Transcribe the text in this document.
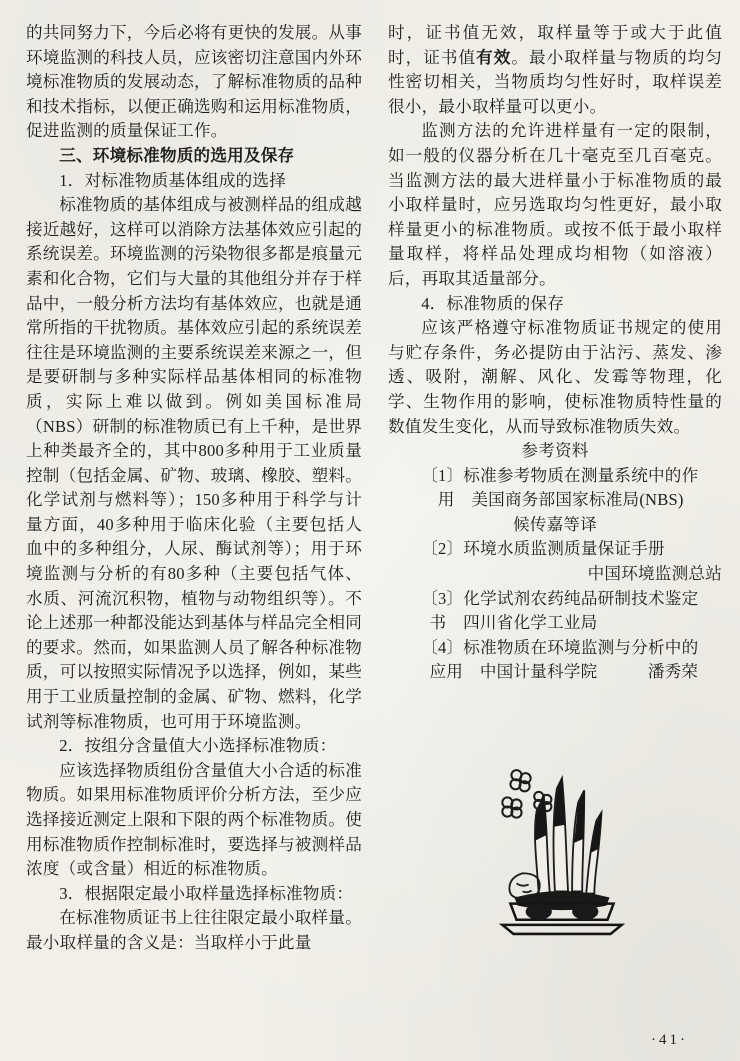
的共同努力下，今后必将有更快的发展。从事环境监测的科技人员，应该密切注意国内外环境标准物质的发展动态，了解标准物质的品种和技术指标，以便正确选购和运用标准物质，促进监测的质量保证工作。

三、环境标准物质的选用及保存

1．对标准物质基体组成的选择

标准物质的基体组成与被测样品的组成越接近越好，这样可以消除方法基体效应引起的系统误差。环境监测的污染物很多都是痕量元素和化合物，它们与大量的其他组分并存于样品中，一般分析方法均有基体效应，也就是通常所指的干扰物质。基体效应引起的系统误差往往是环境监测的主要系统误差来源之一，但是要研制与多种实际样品基体相同的标准物质，实际上难以做到。例如美国标准局（NBS）研制的标准物质已有上千种，是世界上种类最齐全的，其中800多种用于工业质量控制（包括金属、矿物、玻璃、橡胶、塑料。化学试剂与燃料等）；150多种用于科学与计量方面，40多种用于临床化验（主要包括人血中的多种组分，人尿、酶试剂等）；用于环境监测与分析的有80多种（主要包括气体、水质、河流沉积物，植物与动物组织等）。不论上述那一种都没能达到基体与样品完全相同的要求。然而，如果监测人员了解各种标准物质，可以按照实际情况予以选择，例如，某些用于工业质量控制的金属、矿物、燃料，化学试剂等标准物质，也可用于环境监测。

2．按组分含量值大小选择标准物质：

应该选择物质组份含量值大小合适的标准物质。如果用标准物质评价分析方法，至少应选择接近测定上限和下限的两个标准物质。使用标准物质作控制标准时，要选择与被测样品浓度（或含量）相近的标准物质。

3．根据限定最小取样量选择标准物质：

在标准物质证书上往往限定最小取样量。最小取样量的含义是：当取样小于此量

时，证书值无效，取样量等于或大于此值时，证书值有效。最小取样量与物质的均匀性密切相关，当物质均匀性好时，取样误差很小，最小取样量可以更小。

监测方法的允许进样量有一定的限制，如一般的仪器分析在几十毫克至几百毫克。当监测方法的最大进样量小于标准物质的最小取样量时，应另选取均匀性更好，最小取样量更小的标准物质。或按不低于最小取样量取样，将样品处理成均相物（如溶液）后，再取其适量部分。

4．标准物质的保存

应该严格遵守标准物质证书规定的使用与贮存条件，务必提防由于沾污、蒸发、渗透、吸附，潮解、风化、发霉等物理，化学、生物作用的影响，使标准物质特性量的数值发生变化，从而导致标准物质失效。

参考资料

〔1〕标准参考物质在测量系统中的作

用　美国商务部国家标准局(NBS)

候传嘉等译

〔2〕环境水质监测质量保证手册

中国环境监测总站

〔3〕化学试剂农药纯品研制技术鉴定

书　四川省化学工业局

〔4〕标准物质在环境监测与分析中的

应用　中国计量科学院　　　潘秀荣

·41·
